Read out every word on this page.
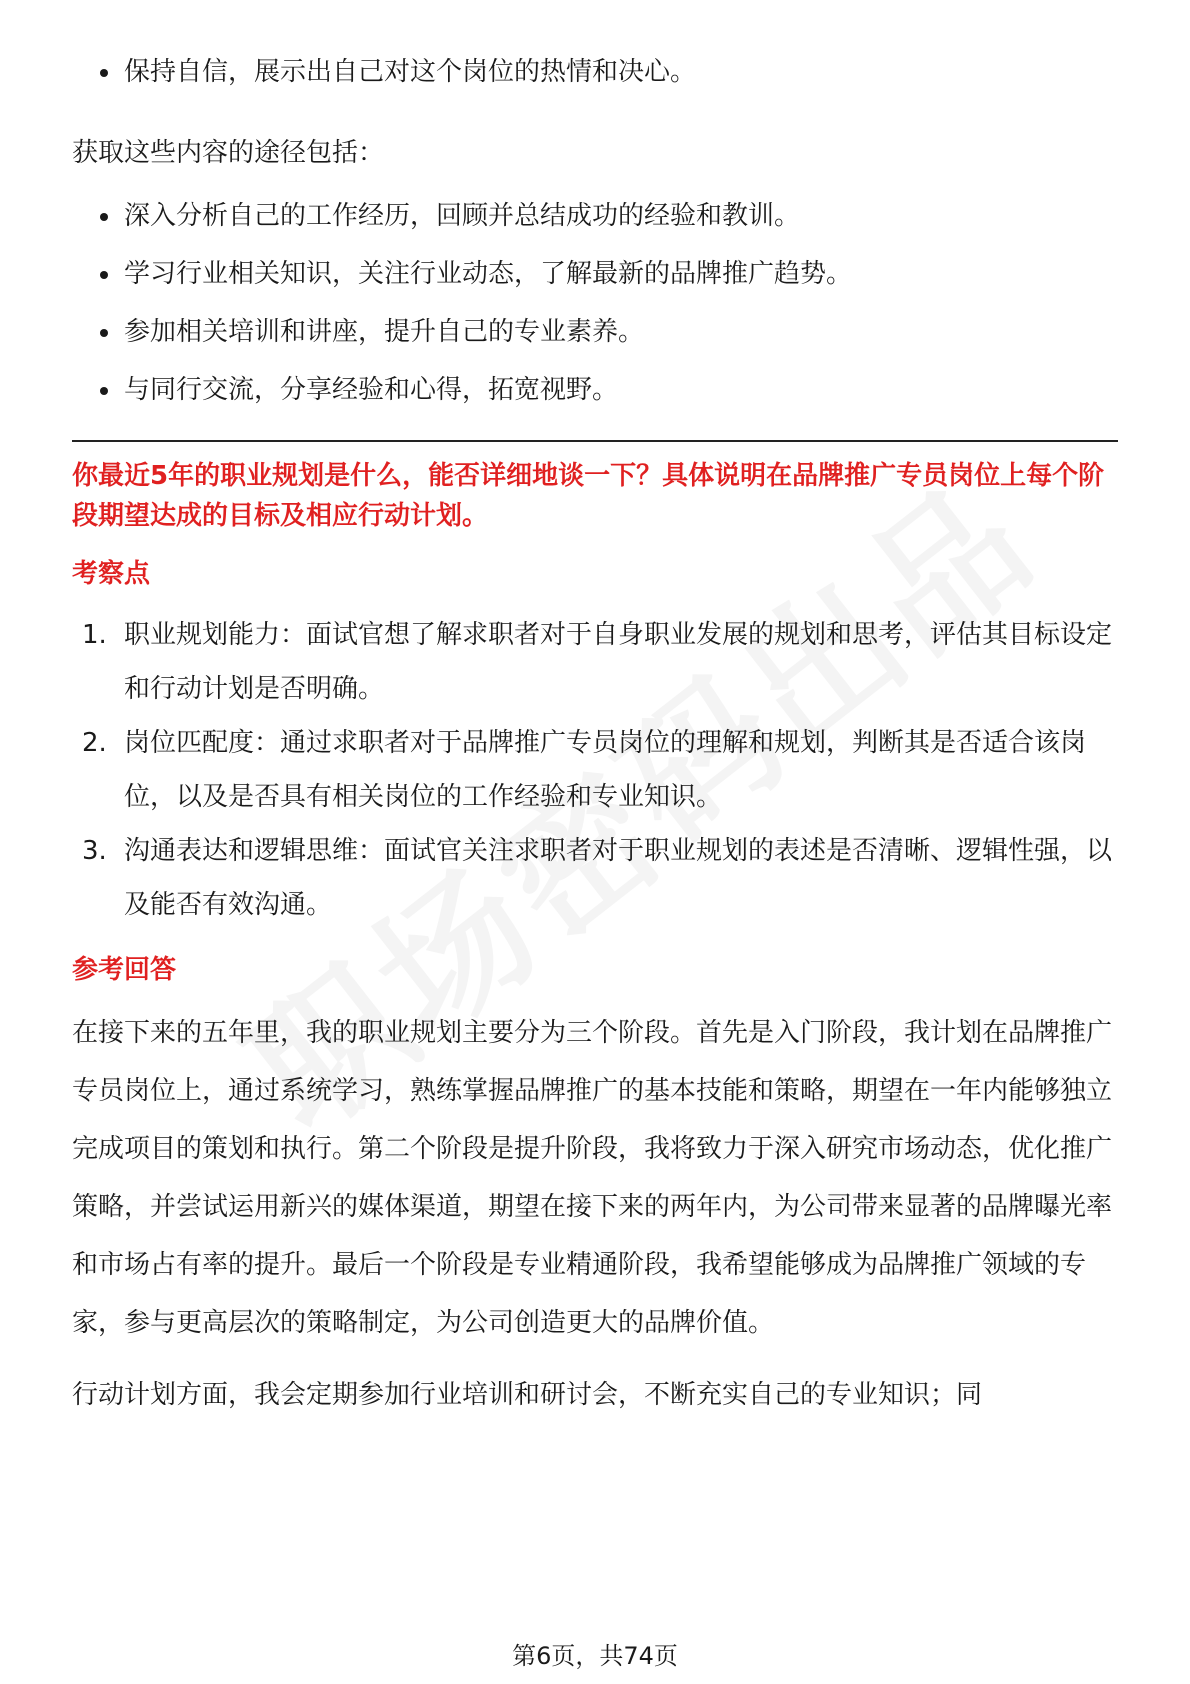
保持自信，展示出自己对这个岗位的热情和决心。

获取这些内容的途径包括：

深入分析自己的工作经历，回顾并总结成功的经验和教训。
学习行业相关知识，关注行业动态，了解最新的品牌推广趋势。
参加相关培训和讲座，提升自己的专业素养。
与同行交流，分享经验和心得，拓宽视野。

你最近5年的职业规划是什么，能否详细地谈一下？具体说明在品牌推广专员岗位上每个阶段期望达成的目标及相应行动计划。

考察点

1. 职业规划能力：面试官想了解求职者对于自身职业发展的规划和思考，评估其目标设定和行动计划是否明确。
2. 岗位匹配度：通过求职者对于品牌推广专员岗位的理解和规划，判断其是否适合该岗位，以及是否具有相关岗位的工作经验和专业知识。
3. 沟通表达和逻辑思维：面试官关注求职者对于职业规划的表述是否清晰、逻辑性强，以及能否有效沟通。

参考回答

在接下来的五年里，我的职业规划主要分为三个阶段。首先是入门阶段，我计划在品牌推广专员岗位上，通过系统学习，熟练掌握品牌推广的基本技能和策略，期望在一年内能够独立完成项目的策划和执行。第二个阶段是提升阶段，我将致力于深入研究市场动态，优化推广策略，并尝试运用新兴的媒体渠道，期望在接下来的两年内，为公司带来显著的品牌曝光率和市场占有率的提升。最后一个阶段是专业精通阶段，我希望能够成为品牌推广领域的专家，参与更高层次的策略制定，为公司创造更大的品牌价值。

行动计划方面，我会定期参加行业培训和研讨会，不断充实自己的专业知识；同

第6页，共74页
